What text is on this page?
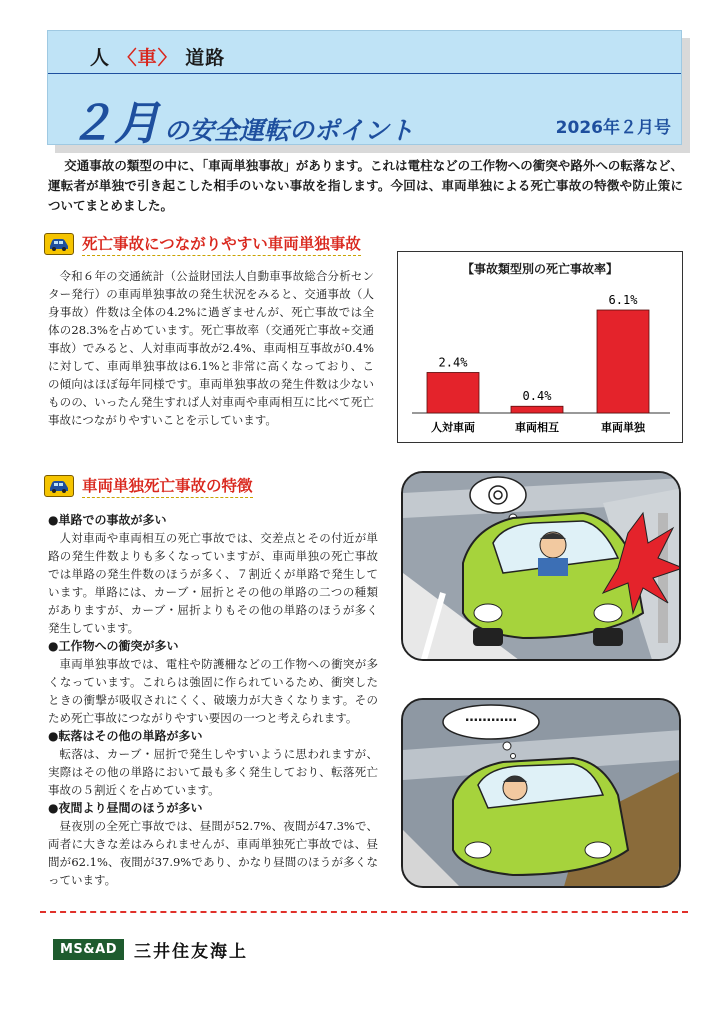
人 〈車〉 道路
２月 の安全運転のポイント	2026年２月号

交通事故の類型の中に、「車両単独事故」があります。これは電柱などの工作物への衝突や路外への転落など、運転者が単独で引き起こした相手のいない事故を指します。今回は、車両単独による死亡事故の特徴や防止策についてまとめました。

死亡事故につながりやすい車両単独事故

令和６年の交通統計（公益財団法人自動車事故総合分析センター発行）の車両単独事故の発生状況をみると、交通事故（人身事故）件数は全体の4.2%に過ぎませんが、死亡事故では全体の28.3%を占めています。死亡事故率（交通死亡事故÷交通事故）でみると、人対車両事故が2.4%、車両相互事故が0.4%に対して、車両単独事故は6.1%と非常に高くなっており、この傾向はほぼ毎年同様です。車両単独事故の発生件数は少ないものの、いったん発生すれば人対車両や車両相互に比べて死亡事故につながりやすいことを示しています。

【事故類型別の死亡事故率】
2.4%
人対車両
0.4%
車両相互
6.1%
車両単独
車両単独死亡事故の特徴
●単路での事故が多い

人対車両や車両相互の死亡事故では、交差点とその付近が単路の発生件数よりも多くなっていますが、車両単独の死亡事故では単路の発生件数のほうが多く、７割近くが単路で発生しています。単路には、カーブ・屈折とその他の単路の二つの種類がありますが、カーブ・屈折よりもその他の単路のほうが多く発生しています。

●工作物への衝突が多い

車両単独事故では、電柱や防護柵などの工作物への衝突が多くなっています。これらは強固に作られているため、衝突したときの衝撃が吸収されにくく、破壊力が大きくなります。そのため死亡事故につながりやすい要因の一つと考えられます。

●転落はその他の単路が多い

転落は、カーブ・屈折で発生しやすいように思われますが、実際はその他の単路において最も多く発生しており、転落死亡事故の５割近くを占めています。

●夜間より昼間のほうが多い

昼夜別の全死亡事故では、昼間が52.7%、夜間が47.3%で、両者に大きな差はみられませんが、車両単独死亡事故では、昼間が62.1%、夜間が37.9%であり、かなり昼間のほうが多くなっています。

…………
MS&AD	三井住友海上
